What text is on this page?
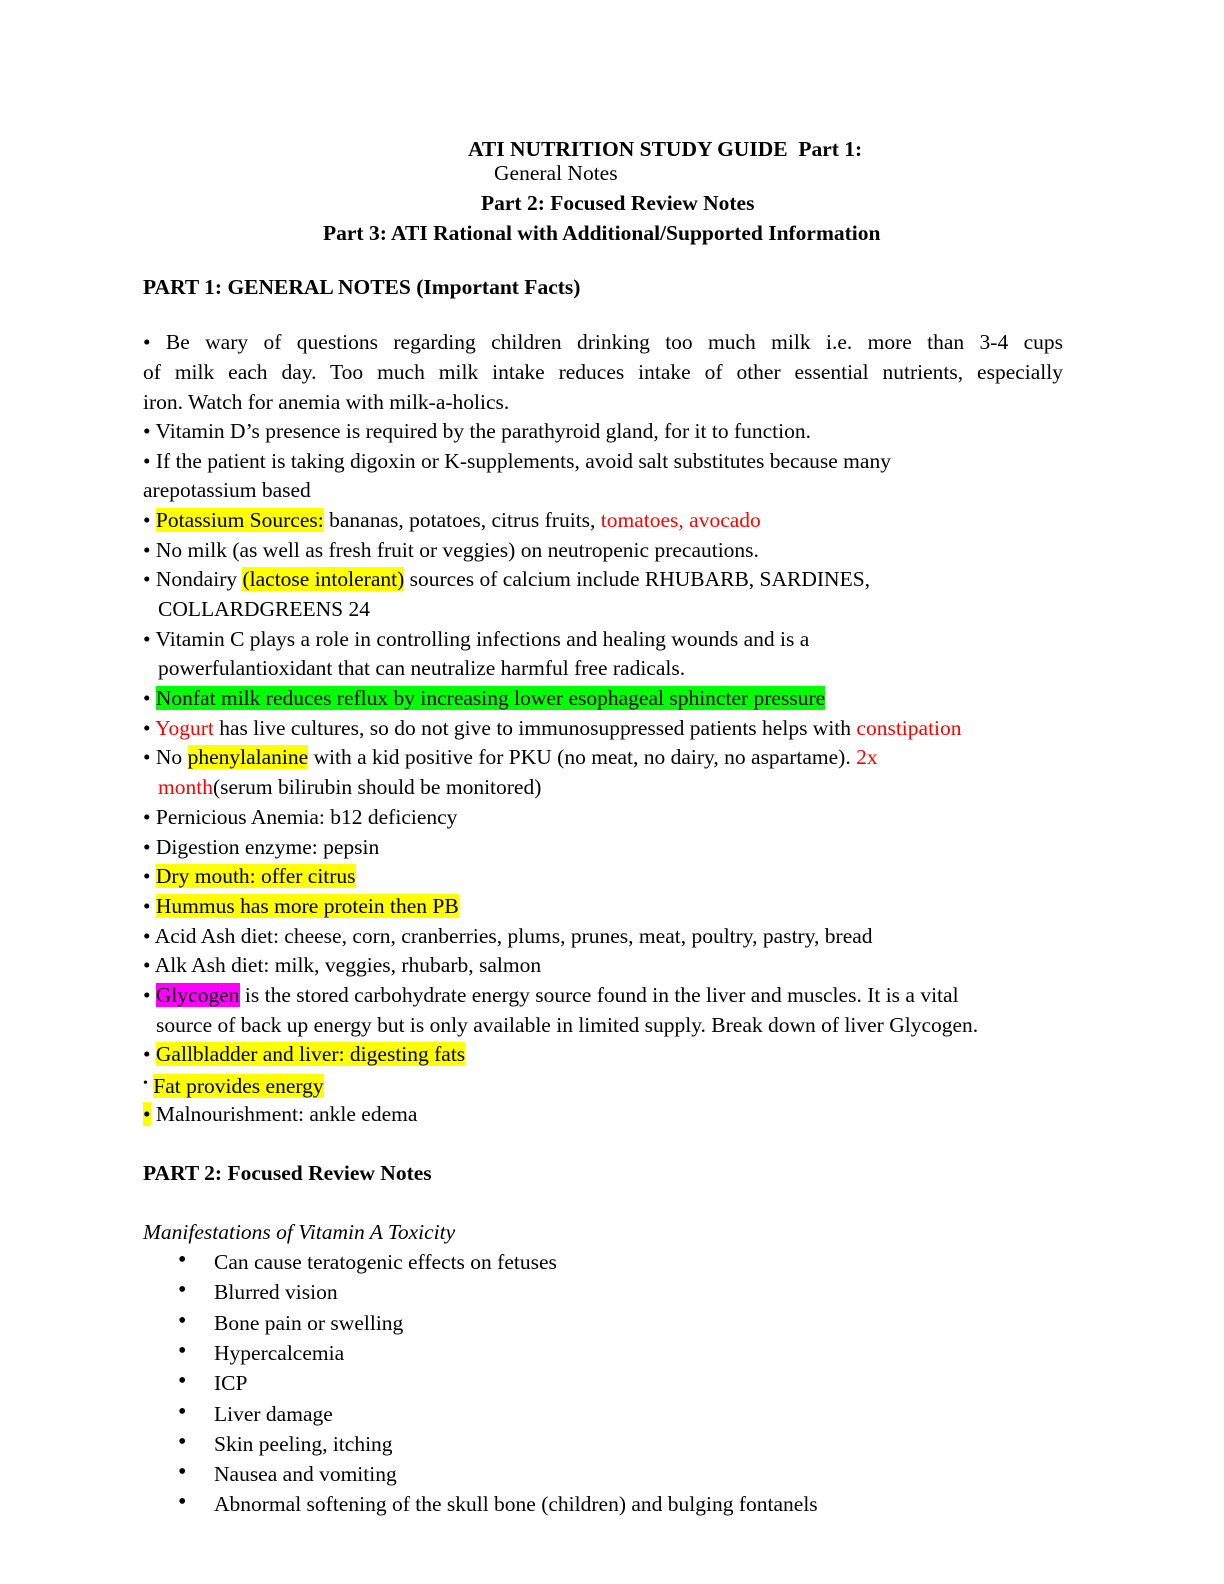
ATI NUTRITION STUDY GUIDE Part 1:
General Notes
Part 2: Focused Review Notes
Part 3: ATI Rational with Additional/Supported Information
PART 1: GENERAL NOTES (Important Facts)
• Be wary of questions regarding children drinking too much milk i.e. more than 3-4 cups
of milk each day. Too much milk intake reduces intake of other essential nutrients, especially
iron. Watch for anemia with milk-a-holics.
• Vitamin D’s presence is required by the parathyroid gland, for it to function.
• If the patient is taking digoxin or K-supplements, avoid salt substitutes because many
arepotassium based
• Potassium Sources: bananas, potatoes, citrus fruits, tomatoes, avocado
• No milk (as well as fresh fruit or veggies) on neutropenic precautions.
• Nondairy (lactose intolerant) sources of calcium include RHUBARB, SARDINES,
COLLARDGREENS 24
• Vitamin C plays a role in controlling infections and healing wounds and is a
powerfulantioxidant that can neutralize harmful free radicals.
• Nonfat milk reduces reflux by increasing lower esophageal sphincter pressure
• Yogurt has live cultures, so do not give to immunosuppressed patients helps with constipation
• No phenylalanine with a kid positive for PKU (no meat, no dairy, no aspartame). 2x
month(serum bilirubin should be monitored)
• Pernicious Anemia: b12 deficiency
• Digestion enzyme: pepsin
• Dry mouth: offer citrus
• Hummus has more protein then PB
• Acid Ash diet: cheese, corn, cranberries, plums, prunes, meat, poultry, pastry, bread
• Alk Ash diet: milk, veggies, rhubarb, salmon
• Glycogen is the stored carbohydrate energy source found in the liver and muscles. It is a vital
source of back up energy but is only available in limited supply. Break down of liver Glycogen.
• Gallbladder and liver: digesting fats
• Fat provides energy
• Malnourishment: ankle edema
PART 2: Focused Review Notes
Manifestations of Vitamin A Toxicity
• Can cause teratogenic effects on fetuses
• Blurred vision
• Bone pain or swelling
• Hypercalcemia
• ICP
• Liver damage
• Skin peeling, itching
• Nausea and vomiting
• Abnormal softening of the skull bone (children) and bulging fontanels
